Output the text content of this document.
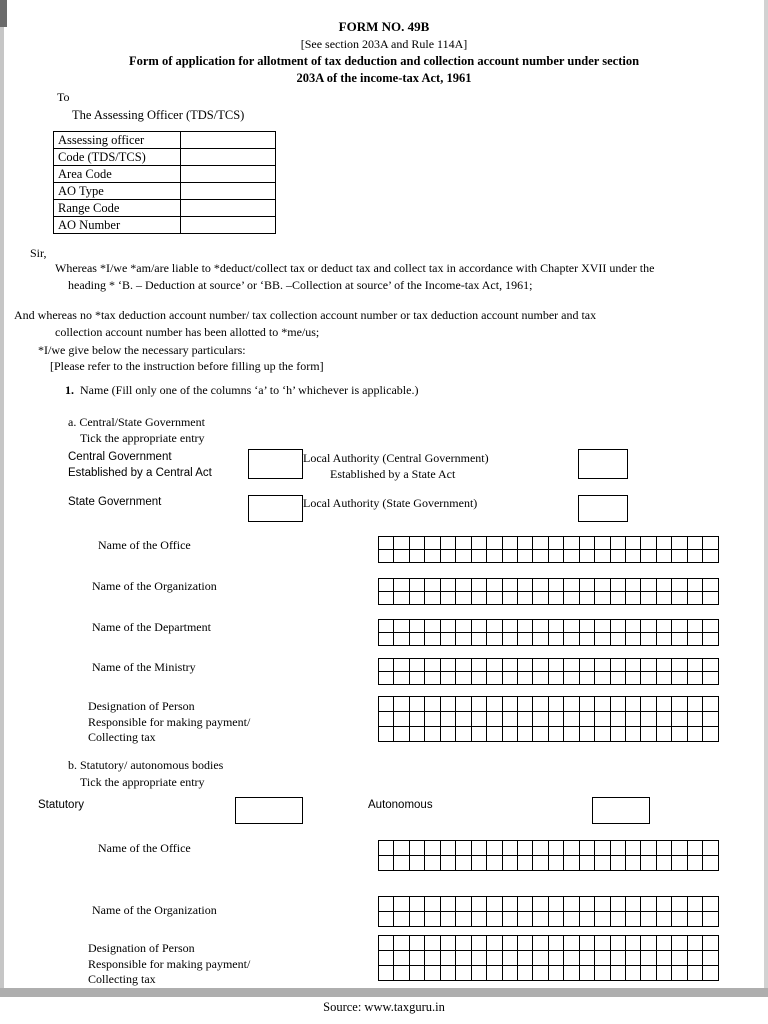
FORM NO. 49B
[See section 203A and Rule 114A]
Form of application for allotment of tax deduction and collection account number under section
203A of the income-tax Act, 1961
To
The Assessing Officer (TDS/TCS)
Assessing officer	
Code (TDS/TCS)	
Area Code	
AO Type	
Range Code	
AO Number	
Sir,
Whereas *I/we *am/are liable to *deduct/collect tax or deduct tax and collect tax in accordance with Chapter XVII under the
heading * ‘B. – Deduction at source’ or ‘BB. –Collection at source’ of the Income-tax Act, 1961;
And whereas no *tax deduction account number/ tax collection account number or tax deduction account number and tax
collection account number has been allotted to *me/us;
*I/we give below the necessary particulars:
[Please refer to the instruction before filling up the form]
1. Name (Fill only one of the columns ‘a’ to ‘h’ whichever is applicable.)
a. Central/State Government
Tick the appropriate entry
Central Government
Established by a Central Act
Local Authority (Central Government)
Established by a State Act
State Government	Local Authority (State Government)
Name of the Office

Name of the Organization

Name of the Department

Name of the Ministry

Designation of Person
Responsible for making payment/
Collecting tax

b. Statutory/ autonomous bodies
Tick the appropriate entry
Statutory	Autonomous
Name of the Office

Name of the Organization

Designation of Person
Responsible for making payment/
Collecting tax

Source: www.taxguru.in
